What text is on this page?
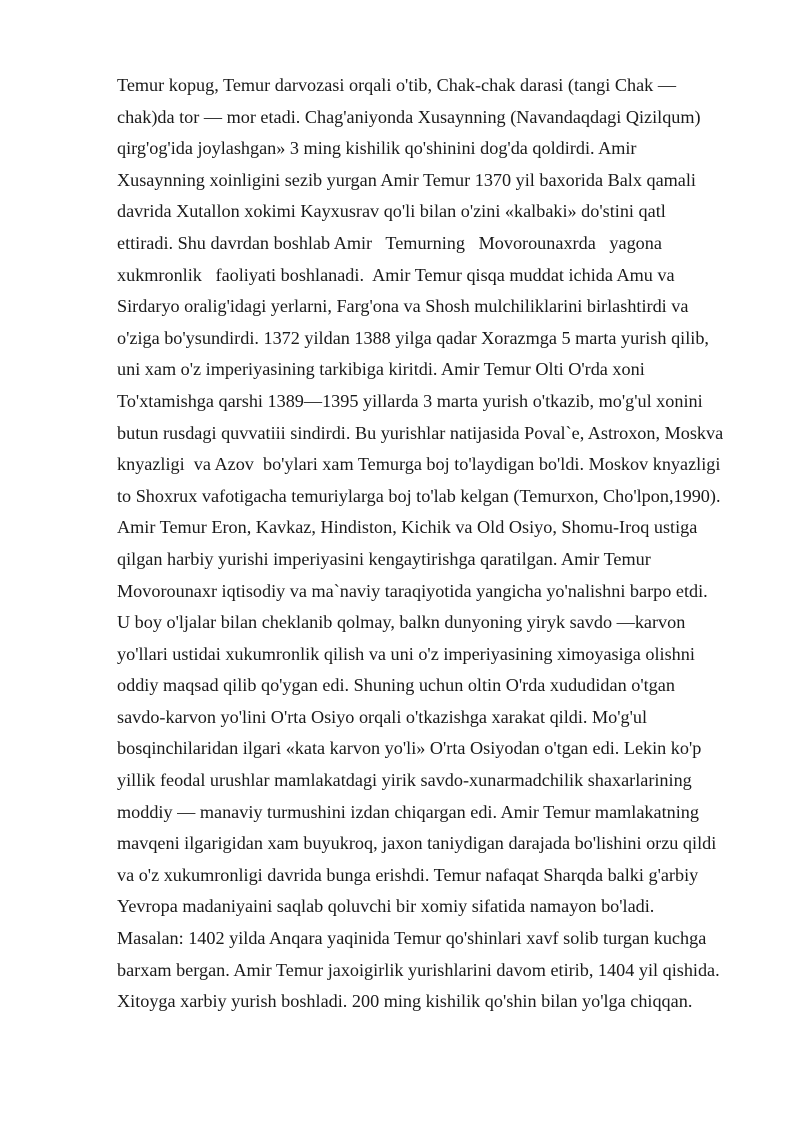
Temur kopug, Temur darvozasi orqali o'tib, Chak-chak darasi (tangi Chak —
chak)da tor — mor etadi. Chag'aniyonda Xusaynning (Navandaqdagi Qizilqum)
qirg'og'ida joylashgan» 3 ming kishilik qo'shinini dog'da qoldirdi. Amir
Xusaynning xoinligini sezib yurgan Amir Temur 1370 yil baxorida Balx qamali
davrida Xutallon xokimi Kayxusrav qo'li bilan o'zini «kalbaki» do'stini qatl
ettiradi. Shu davrdan boshlab Amir   Temurning   Movorounaxrda   yagona
xukmronlik   faoliyati boshlanadi.  Amir Temur qisqa muddat ichida Amu va
Sirdaryo oralig'idagi yerlarni, Farg'ona va Shosh mulchiliklarini birlashtirdi va
o'ziga bo'ysundirdi. 1372 yildan 1388 yilga qadar Xorazmga 5 marta yurish qilib,
uni xam o'z imperiyasining tarkibiga kiritdi. Amir Temur Olti O'rda xoni
To'xtamishga qarshi 1389—1395 yillarda 3 marta yurish o'tkazib, mo'g'ul xonini
butun rusdagi quvvatiii sindirdi. Bu yurishlar natijasida Poval`e, Astroxon, Moskva
knyazligi  va Azov  bo'ylari xam Temurga boj to'laydigan bo'ldi. Moskov knyazligi
to Shoxrux vafotigacha temuriylarga boj to'lab kelgan (Temurxon, Cho'lpon,1990).
Amir Temur Eron, Kavkaz, Hindiston, Kichik va Old Osiyo, Shomu-Iroq ustiga
qilgan harbiy yurishi imperiyasini kengaytirishga qaratilgan. Amir Temur
Movorounaxr iqtisodiy va ma`naviy taraqiyotida yangicha yo'nalishni barpo etdi.
U boy o'ljalar bilan cheklanib qolmay, balkn dunyoning yiryk savdo —karvon
yo'llari ustidai xukumronlik qilish va uni o'z imperiyasining ximoyasiga olishni
oddiy maqsad qilib qo'ygan edi. Shuning uchun oltin O'rda xududidan o'tgan
savdo-karvon yo'lini O'rta Osiyo orqali o'tkazishga xarakat qildi. Mo'g'ul
bosqinchilaridan ilgari «kata karvon yo'li» O'rta Osiyodan o'tgan edi. Lekin ko'p
yillik feodal urushlar mamlakatdagi yirik savdo-xunarmadchilik shaxarlarining
moddiy — manaviy turmushini izdan chiqargan edi. Amir Temur mamlakatning
mavqeni ilgarigidan xam buyukroq, jaxon taniydigan darajada bo'lishini orzu qildi
va o'z xukumronligi davrida bunga erishdi. Temur nafaqat Sharqda balki g'arbiy
Yevropa madaniyaini saqlab qoluvchi bir xomiy sifatida namayon bo'ladi.
Masalan: 1402 yilda Anqara yaqinida Temur qo'shinlari xavf solib turgan kuchga
barxam bergan. Amir Temur jaxoigirlik yurishlarini davom etirib, 1404 yil qishida.
Xitoyga xarbiy yurish boshladi. 200 ming kishilik qo'shin bilan yo'lga chiqqan.
